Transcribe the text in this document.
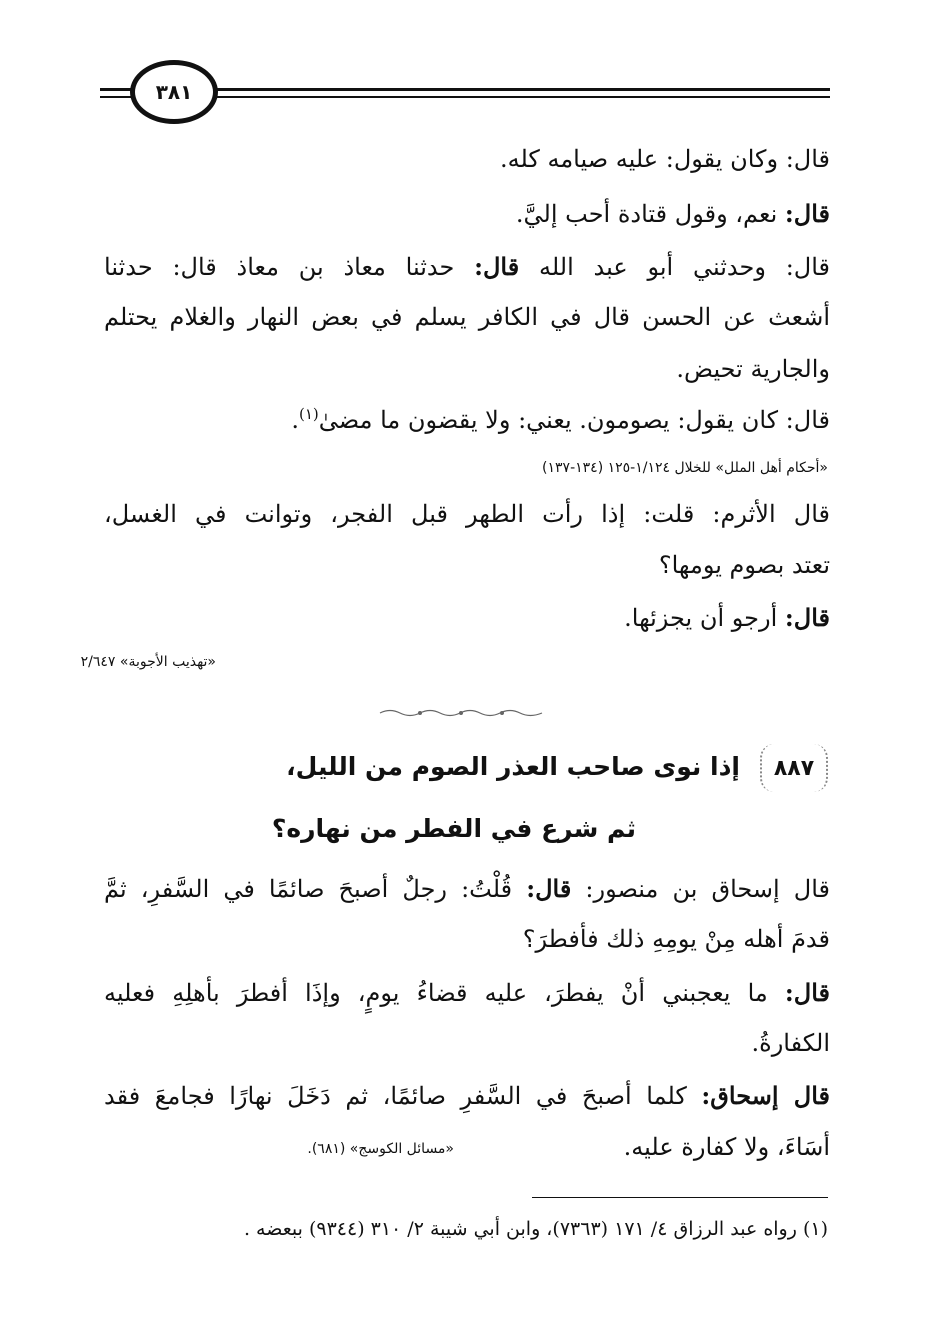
٣٨١
قال: وكان يقول: عليه صيامه كله.
قال: نعم، وقول قتادة أحب إليَّ.
قال: وحدثني أبو عبد الله قال: حدثنا معاذ بن معاذ قال: حدثنا
أشعث عن الحسن قال في الكافر يسلم في بعض النهار والغلام يحتلم
والجارية تحيض.
قال: كان يقول: يصومون. يعني: ولا يقضون ما مضىٰ$^{(١)}$.
«أحكام أهل الملل» للخلال ١/١٢٤-١٢٥ (١٣٤-١٣٧)
قال الأثرم: قلت: إذا رأت الطهر قبل الفجر، وتوانت في الغسل،
تعتد بصوم يومها؟
قال: أرجو أن يجزئها.
«تهذيب الأجوبة» ٢/٦٤٧
٨٨٧
إذا نوى صاحب العذر الصوم من الليل،
ثم شرع في الفطر من نهاره؟
قال إسحاق بن منصور: قال: قُلْتُ: رجلٌ أصبحَ صائمًا في السَّفرِ، ثمَّ
قدمَ أهله مِنْ يومِهِ ذلك فأفطرَ؟
قال: ما يعجبني أنْ يفطرَ، عليه قضاءُ يومٍ، وإذَا أفطرَ بأهلِهِ فعليه
الكفارةُ.
قال إسحاق: كلما أصبحَ في السَّفرِ صائمًا، ثم دَخَلَ نهارًا فجامعَ فقد
أسَاءَ، ولا كفارة عليه.
«مسائل الكوسج» (٦٨١).
(١) رواه عبد الرزاق ٤/ ١٧١ (٧٣٦٣)، وابن أبي شيبة ٢/ ٣١٠ (٩٣٤٤) ببعضه .
